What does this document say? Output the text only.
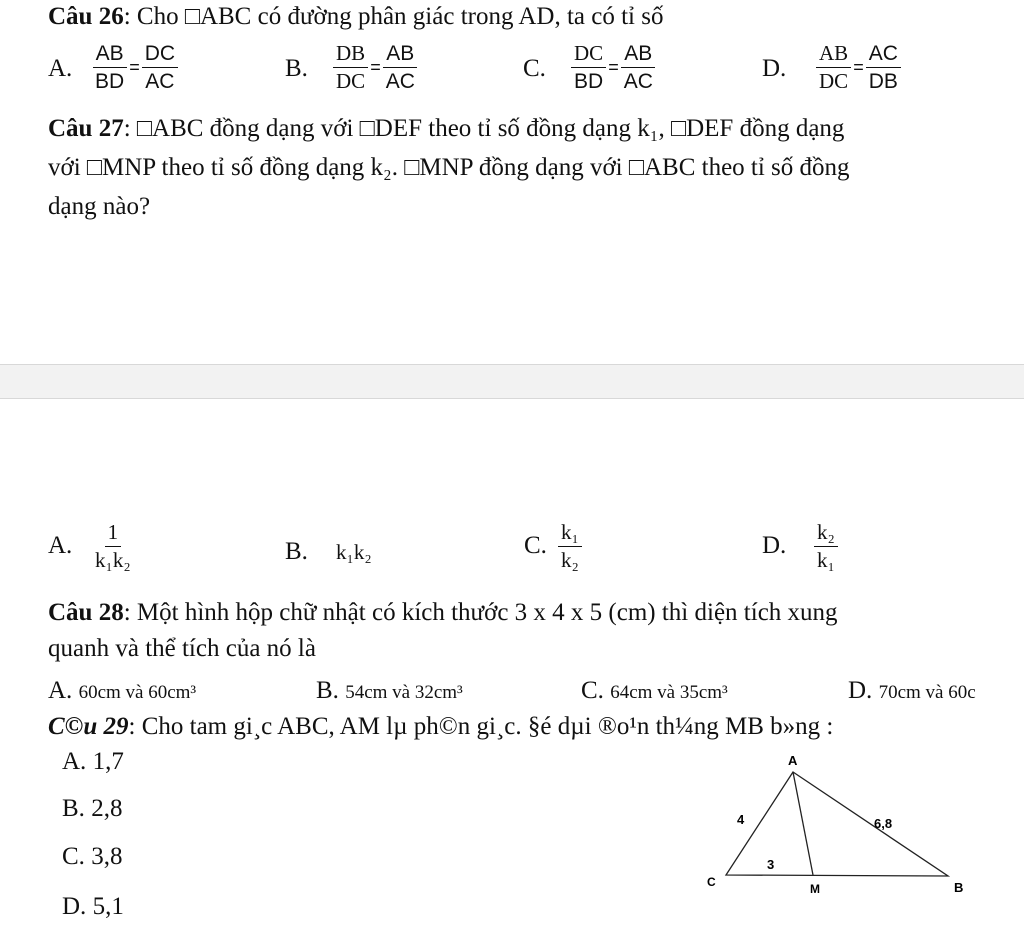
Câu 26: Cho □ABC có đường phân giác trong AD, ta có tỉ số
A. $\frac{AB}{BD} = \frac{DC}{AC}$	B. $\frac{DB}{DC} = \frac{AB}{AC}$	C. $\frac{DC}{BD} = \frac{AB}{AC}$	D. $\frac{AB}{DC} = \frac{AC}{DB}$
Câu 27: □ABC đồng dạng với □DEF theo tỉ số đồng dạng k₁, □DEF đồng dạng
với □MNP theo tỉ số đồng dạng k₂. □MNP đồng dạng với □ABC theo tỉ số đồng
dạng nào?
A. $\frac{1}{\text{k₁k₂}}$	B. k₁k₂	C. $\frac{\text{k₁}}{\text{k₂}}$	D. $\frac{\text{k₂}}{\text{k₁}}$
Câu 28: Một hình hộp chữ nhật có kích thước 3 x 4 x 5 (cm) thì diện tích xung
quanh và thể tích của nó là
A. 60cm và 60cm³	B. 54cm và 32cm³	C. 64cm và 35cm³	D. 70cm và 60c
C©u 29: Cho tam gi¸c ABC, AM lµ ph©n gi¸c. §é dµi ®o¹n th¼ng MB b»ng :
A. 1,7
B. 2,8
C. 3,8
D. 5,1
A
B
C	M
4	6,8
3
